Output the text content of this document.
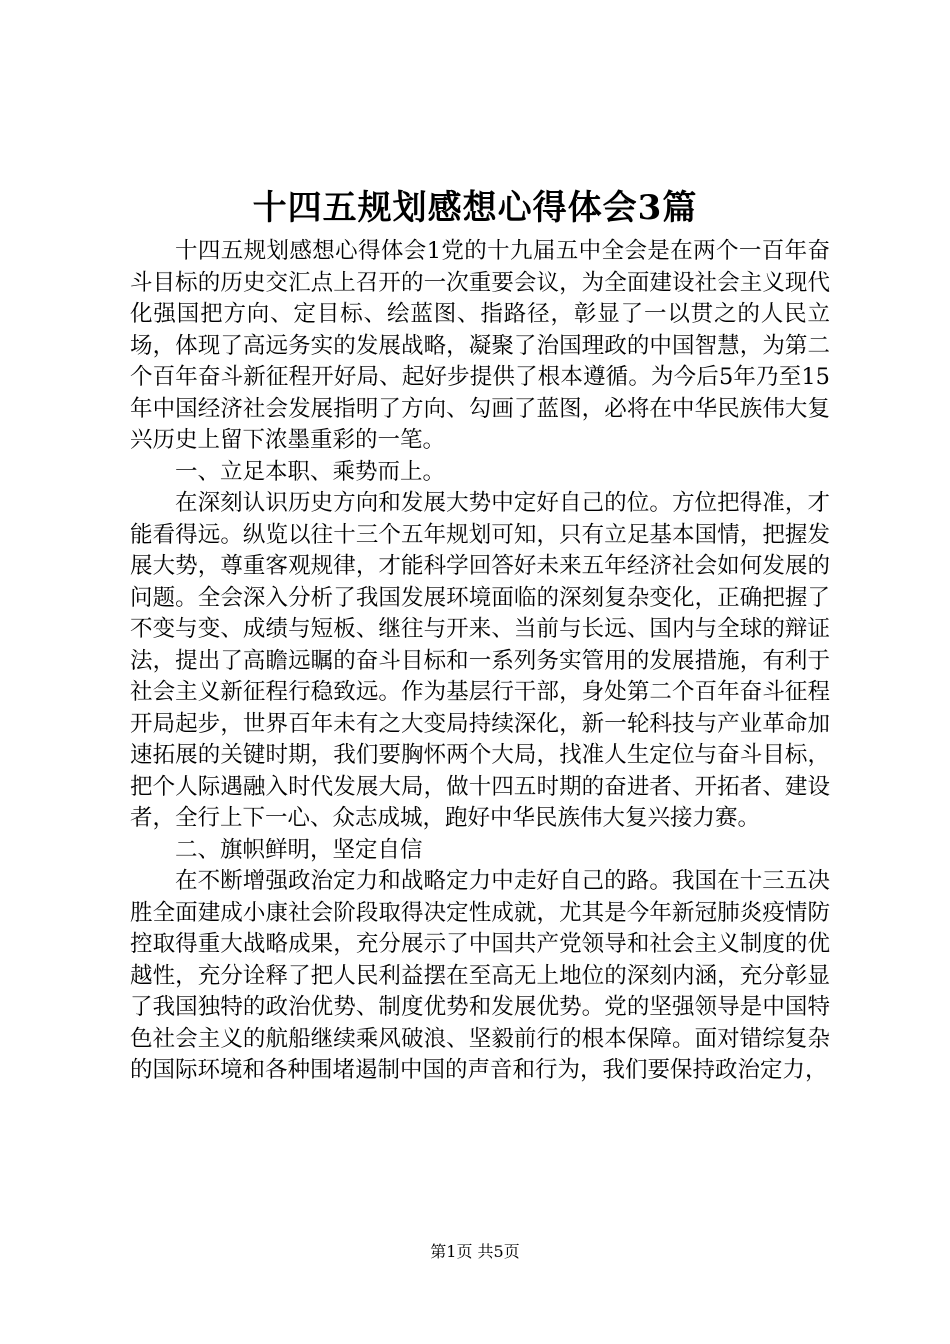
十四五规划感想心得体会3篇

十四五规划感想心得体会1党的十九届五中全会是在两个一百年奋斗目标的历史交汇点上召开的一次重要会议，为全面建设社会主义现代化强国把方向、定目标、绘蓝图、指路径，彰显了一以贯之的人民立场，体现了高远务实的发展战略，凝聚了治国理政的中国智慧，为第二个百年奋斗新征程开好局、起好步提供了根本遵循。为今后5年乃至15年中国经济社会发展指明了方向、勾画了蓝图，必将在中华民族伟大复兴历史上留下浓墨重彩的一笔。

一、立足本职、乘势而上。

在深刻认识历史方向和发展大势中定好自己的位。方位把得准，才能看得远。纵览以往十三个五年规划可知，只有立足基本国情，把握发展大势，尊重客观规律，才能科学回答好未来五年经济社会如何发展的问题。全会深入分析了我国发展环境面临的深刻复杂变化，正确把握了不变与变、成绩与短板、继往与开来、当前与长远、国内与全球的辩证法，提出了高瞻远瞩的奋斗目标和一系列务实管用的发展措施，有利于社会主义新征程行稳致远。作为基层行干部，身处第二个百年奋斗征程开局起步，世界百年未有之大变局持续深化，新一轮科技与产业革命加速拓展的关键时期，我们要胸怀两个大局，找准人生定位与奋斗目标，把个人际遇融入时代发展大局，做十四五时期的奋进者、开拓者、建设者，全行上下一心、众志成城，跑好中华民族伟大复兴接力赛。

二、旗帜鲜明，坚定自信

在不断增强政治定力和战略定力中走好自己的路。我国在十三五决胜全面建成小康社会阶段取得决定性成就，尤其是今年新冠肺炎疫情防控取得重大战略成果，充分展示了中国共产党领导和社会主义制度的优越性，充分诠释了把人民利益摆在至高无上地位的深刻内涵，充分彰显了我国独特的政治优势、制度优势和发展优势。党的坚强领导是中国特色社会主义的航船继续乘风破浪、坚毅前行的根本保障。面对错综复杂的国际环境和各种围堵遏制中国的声音和行为，我们要保持政治定力，

第1页 共5页
